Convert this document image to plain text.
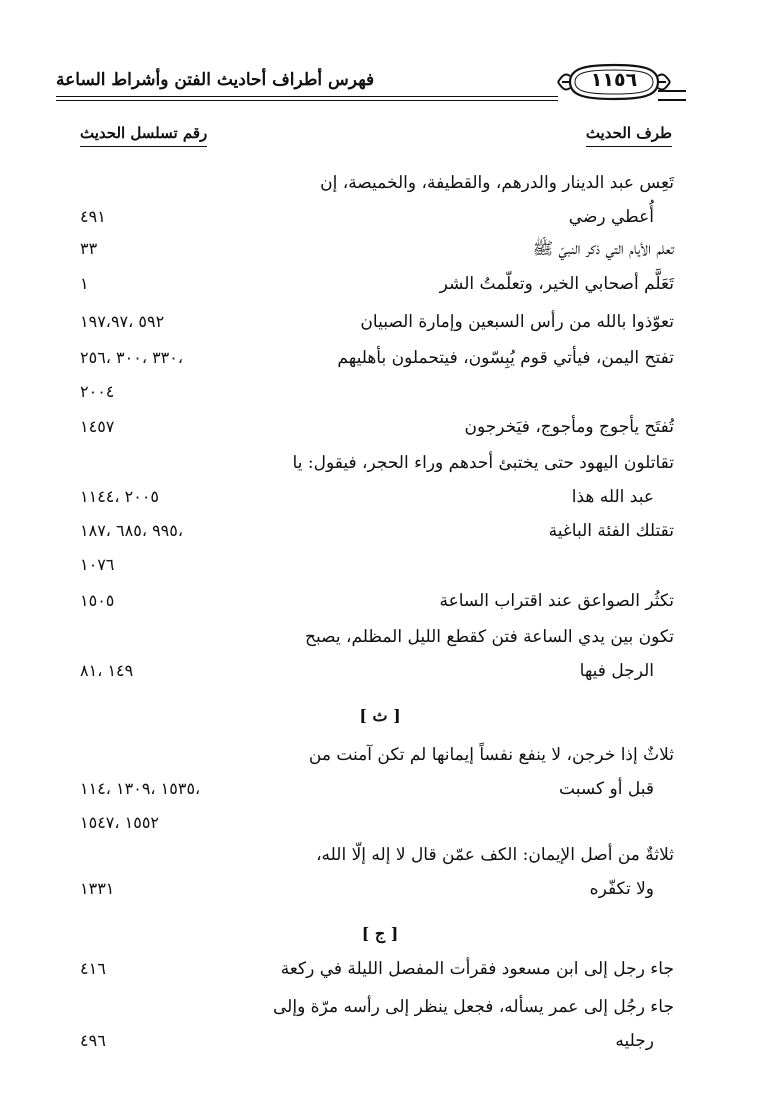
فهرس أطراف أحاديث الفتن وأشراط الساعة	١١٥٦
طرف الحديث
رقم تسلسل الحديث
تَعِس عبد الدينار والدرهم، والقطيفة، والخميصة، إن
أُعطي رضي
٤٩١
تعلم الأيام التي ذكر النبيّ ﷺ
٣٣
تَعَلَّم أصحابي الخير، وتعلّمتُ الشر
١
تعوّذوا بالله من رأس السبعين وإمارة الصبيان
٥٩٢ ،١٩٧،٩٧
تفتح اليمن، فيأتي قوم يُبِسّون، فيتحملون بأهليهم
،٣٣٠ ،٣٠٠ ،٢٥٦
٢٠٠٤
تُفتَح يأجوج ومأجوج، فيَخرجون
١٤٥٧
تقاتلون اليهود حتى يختبئ أحدهم وراء الحجر، فيقول: يا
عبد الله هذا
٢٠٠٥ ،١١٤٤
تقتلك الفئة الباغية
،٩٩٥ ،٦٨٥ ،١٨٧
١٠٧٦
تكثُر الصواعق عند اقتراب الساعة
١٥٠٥
تكون بين يدي الساعة فتن كقطع الليل المظلم، يصبح
الرجل فيها
١٤٩ ،٨١
[ ث ]
ثلاثٌ إذا خرجن، لا ينفع نفساً إيمانها لم تكن آمنت من
قبل أو كسبت
،١٥٣٥ ،١٣٠٩ ،١١٤
١٥٥٢ ،١٥٤٧
ثلاثةٌ من أصل الإيمان: الكف عمّن قال لا إله إلّا الله،
ولا تكفّره
١٣٣١
[ ج ]
جاء رجل إلى ابن مسعود فقرأت المفصل الليلة في ركعة
٤١٦
جاء رجُل إلى عمر يسأله، فجعل ينظر إلى رأسه مرّة وإلى
رجليه
٤٩٦
